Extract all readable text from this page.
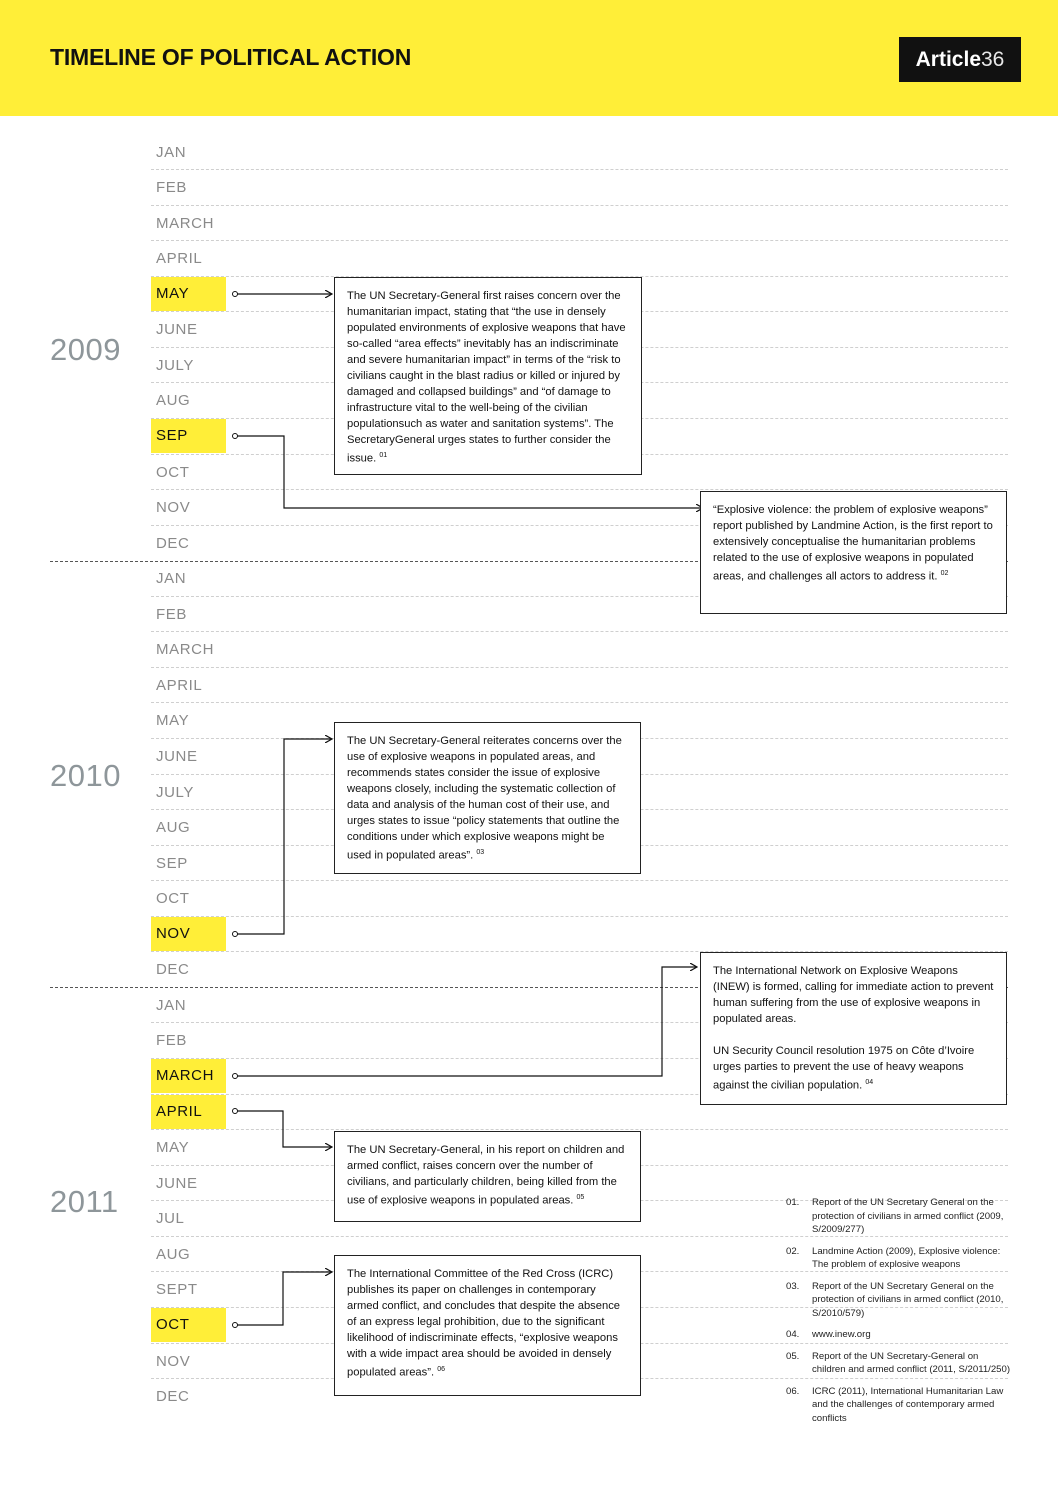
TIMELINE OF POLITICAL ACTION	Article36
2009
JAN
FEB
MARCH
APRIL
MAY
JUNE
JULY
AUG
SEP
OCT
NOV
DEC
2010
JAN
FEB
MARCH
APRIL
MAY
JUNE
JULY
AUG
SEP
OCT
NOV
DEC
2011
JAN
FEB
MARCH
APRIL
MAY
JUNE
JUL
AUG
SEPT
OCT
NOV
DEC

The UN Secretary-General first raises concern over the humanitarian impact, stating that “the use in densely populated environments of explosive weapons that have so-called “area effects” inevitably has an indiscriminate and severe humanitarian impact” in terms of the “risk to civilians caught in the blast radius or killed or injured by damaged and collapsed buildings” and “of damage to infrastructure vital to the well-being of the civilian populationsuch as water and sanitation systems”. The SecretaryGeneral urges states to further consider the issue. $^{01}$

“Explosive violence: the problem of explosive weapons” report published by Landmine Action, is the first report to extensively conceptualise the humanitarian problems related to the use of explosive weapons in populated areas, and challenges all actors to address it. $^{02}$

The UN Secretary-General reiterates concerns over the use of explosive weapons in populated areas, and recommends states consider the issue of explosive weapons closely, including the systematic collection of data and analysis of the human cost of their use, and urges states to issue “policy statements that outline the conditions under which explosive weapons might be used in populated areas”. $^{03}$

The International Network on Explosive Weapons (INEW) is formed, calling for immediate action to prevent human suffering from the use of explosive weapons in populated areas.

UN Security Council resolution 1975 on Côte d’Ivoire urges parties to prevent the use of heavy weapons against the civilian population. $^{04}$

The UN Secretary-General, in his report on children and armed conflict, raises concern over the number of civilians, and particularly children, being killed from the use of explosive weapons in populated areas. $^{05}$

The International Committee of the Red Cross (ICRC) publishes its paper on challenges in contemporary armed conflict, and concludes that despite the absence of an express legal prohibition, due to the significant likelihood of indiscriminate effects, “explosive weapons with a wide impact area should be avoided in densely populated areas”. $^{06}$

01.	Report of the UN Secretary General on the protection of civilians in armed conflict (2009, S/2009/277)
02.	Landmine Action (2009), Explosive violence: The problem of explosive weapons
03.	Report of the UN Secretary General on the protection of civilians in armed conflict (2010, S/2010/579)
04.	www.inew.org
05.	Report of the UN Secretary-General on children and armed conflict (2011, S/2011/250)
06.	ICRC (2011), International Humanitarian Law and the challenges of contemporary armed conflicts
